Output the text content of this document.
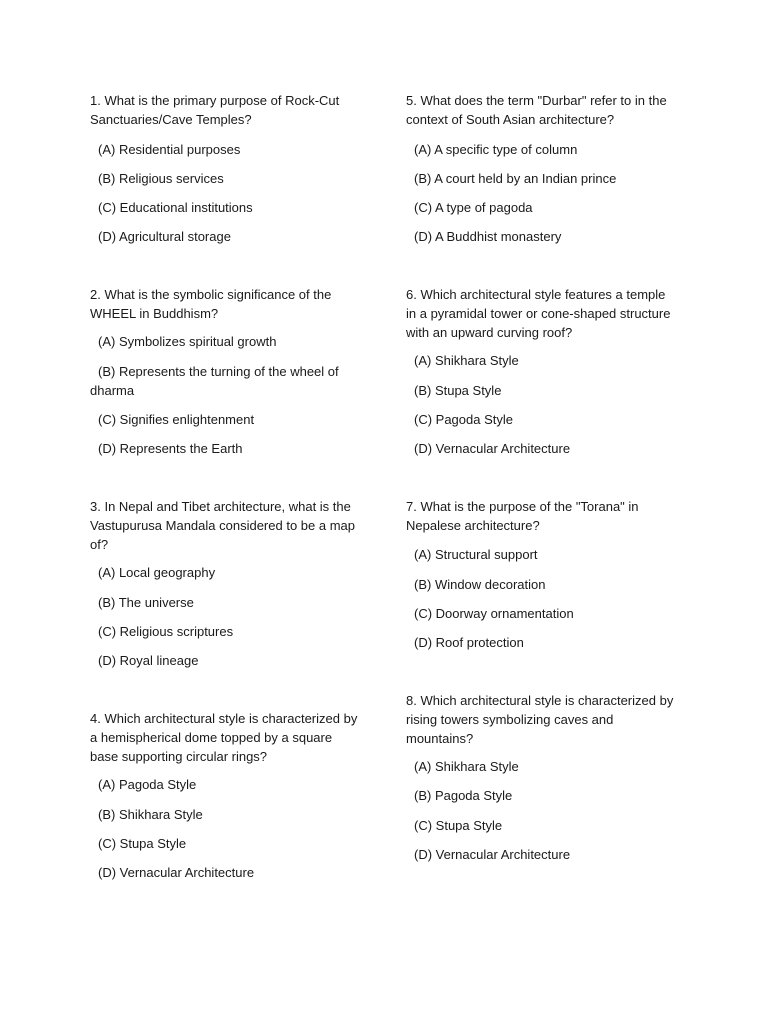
1. What is the primary purpose of Rock-Cut Sanctuaries/Cave Temples?

(A) Residential purposes
(B) Religious services
(C) Educational institutions
(D) Agricultural storage

2. What is the symbolic significance of the WHEEL in Buddhism?

(A) Symbolizes spiritual growth
(B) Represents the turning of the wheel of dharma
(C) Signifies enlightenment
(D) Represents the Earth

3. In Nepal and Tibet architecture, what is the Vastupurusa Mandala considered to be a map of?

(A) Local geography
(B) The universe
(C) Religious scriptures
(D) Royal lineage

4. Which architectural style is characterized by a hemispherical dome topped by a square base supporting circular rings?

(A) Pagoda Style
(B) Shikhara Style
(C) Stupa Style
(D) Vernacular Architecture

5. What does the term "Durbar" refer to in the context of South Asian architecture?

(A) A specific type of column
(B) A court held by an Indian prince
(C) A type of pagoda
(D) A Buddhist monastery

6. Which architectural style features a temple in a pyramidal tower or cone-shaped structure with an upward curving roof?

(A) Shikhara Style
(B) Stupa Style
(C) Pagoda Style
(D) Vernacular Architecture

7. What is the purpose of the "Torana" in Nepalese architecture?

(A) Structural support
(B) Window decoration
(C) Doorway ornamentation
(D) Roof protection

8. Which architectural style is characterized by rising towers symbolizing caves and mountains?

(A) Shikhara Style
(B) Pagoda Style
(C) Stupa Style
(D) Vernacular Architecture
